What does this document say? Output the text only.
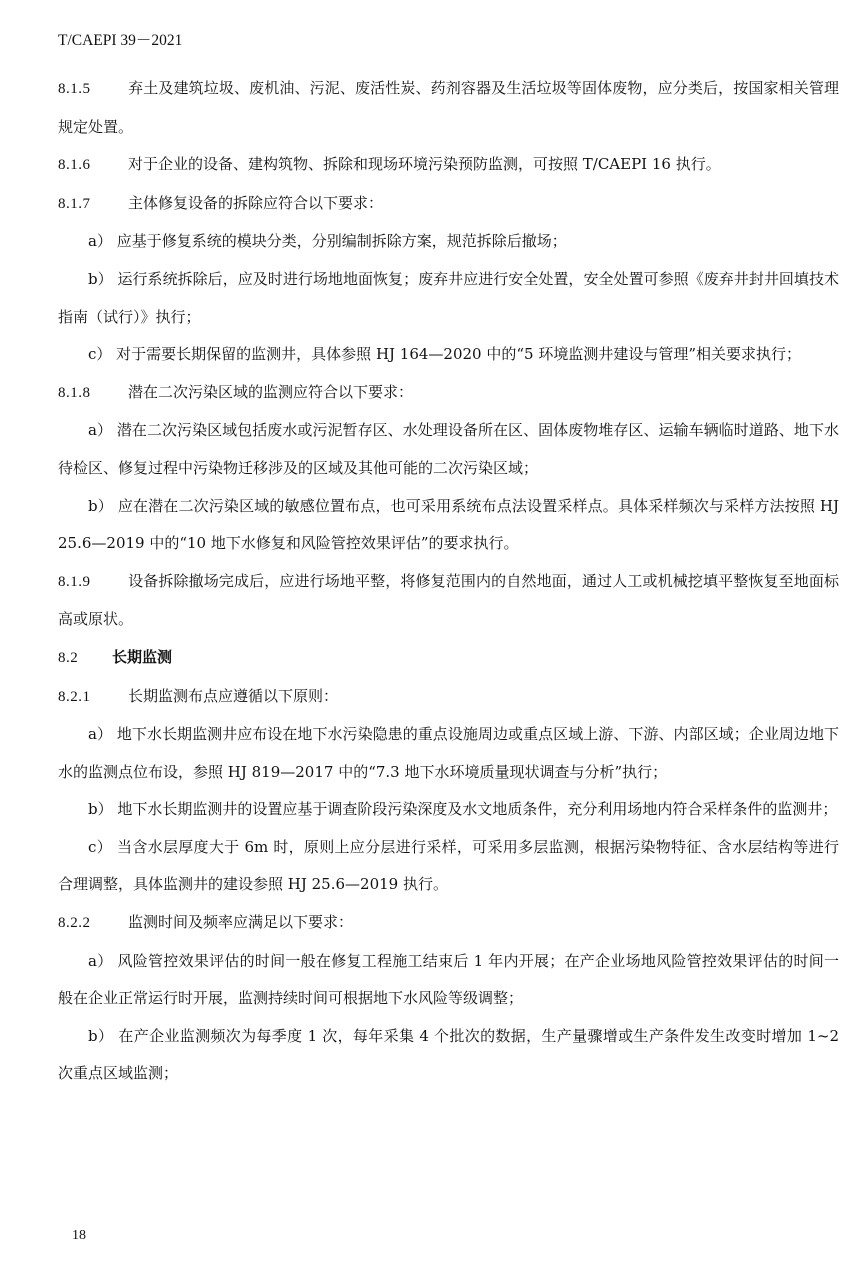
T/CAEPI 39－2021

8.1.5	弃土及建筑垃圾、废机油、污泥、废活性炭、药剂容器及生活垃圾等固体废物，应分类后，按国家相关管理规定处置。

8.1.6	对于企业的设备、建构筑物、拆除和现场环境污染预防监测，可按照 T/CAEPI 16 执行。

8.1.7	主体修复设备的拆除应符合以下要求：

a） 应基于修复系统的模块分类，分别编制拆除方案，规范拆除后撤场；

b） 运行系统拆除后，应及时进行场地地面恢复；废弃井应进行安全处置，安全处置可参照《废弃井封井回填技术指南（试行）》执行；

c） 对于需要长期保留的监测井，具体参照 HJ 164—2020 中的“5 环境监测井建设与管理”相关要求执行；

8.1.8	潜在二次污染区域的监测应符合以下要求：

a） 潜在二次污染区域包括废水或污泥暂存区、水处理设备所在区、固体废物堆存区、运输车辆临时道路、地下水待检区、修复过程中污染物迁移涉及的区域及其他可能的二次污染区域；

b） 应在潜在二次污染区域的敏感位置布点，也可采用系统布点法设置采样点。具体采样频次与采样方法按照 HJ 25.6—2019 中的“10 地下水修复和风险管控效果评估”的要求执行。

8.1.9	设备拆除撤场完成后，应进行场地平整，将修复范围内的自然地面，通过人工或机械挖填平整恢复至地面标高或原状。

8.2 长期监测

8.2.1	长期监测布点应遵循以下原则：

a） 地下水长期监测井应布设在地下水污染隐患的重点设施周边或重点区域上游、下游、内部区域；企业周边地下水的监测点位布设，参照 HJ 819—2017 中的“7.3 地下水环境质量现状调查与分析”执行；

b） 地下水长期监测井的设置应基于调查阶段污染深度及水文地质条件，充分利用场地内符合采样条件的监测井；

c） 当含水层厚度大于 6m 时，原则上应分层进行采样，可采用多层监测，根据污染物特征、含水层结构等进行合理调整，具体监测井的建设参照 HJ 25.6—2019 执行。

8.2.2	监测时间及频率应满足以下要求：

a） 风险管控效果评估的时间一般在修复工程施工结束后 1 年内开展；在产企业场地风险管控效果评估的时间一般在企业正常运行时开展，监测持续时间可根据地下水风险等级调整；

b） 在产企业监测频次为每季度 1 次，每年采集 4 个批次的数据，生产量骤增或生产条件发生改变时增加 1~2 次重点区域监测；

18
